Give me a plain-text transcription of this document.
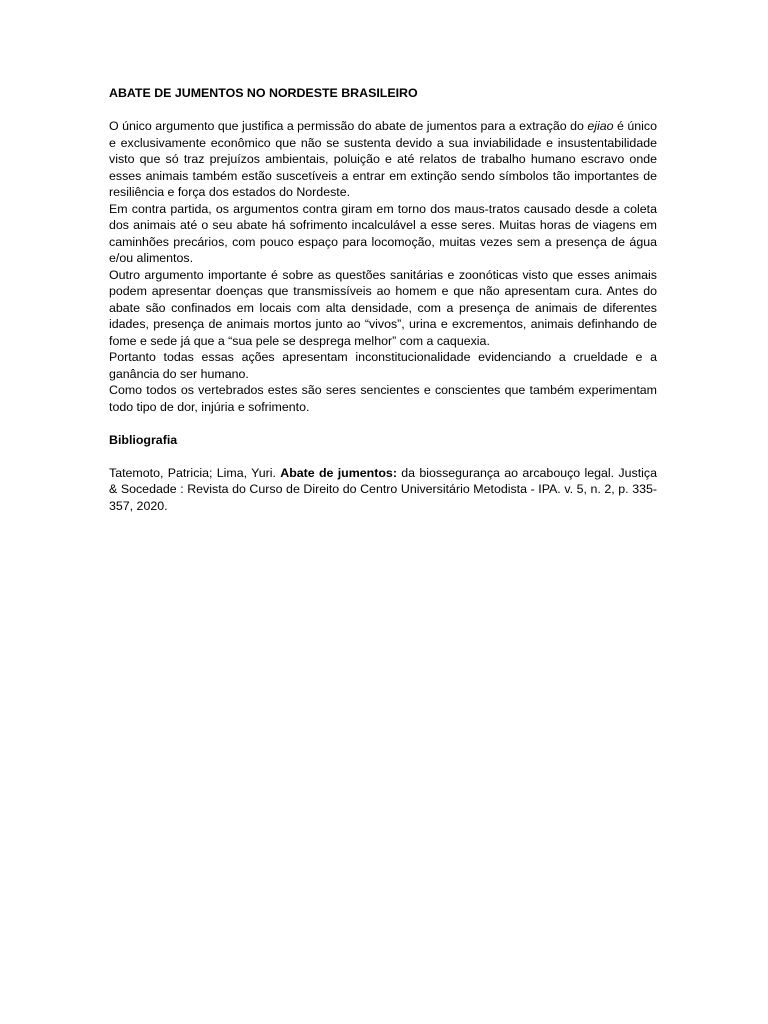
ABATE DE JUMENTOS NO NORDESTE BRASILEIRO

O único argumento que justifica a permissão do abate de jumentos para a extração do ejiao é único e exclusivamente econômico que não se sustenta devido a sua inviabilidade e insustentabilidade visto que só traz prejuízos ambientais, poluição e até relatos de trabalho humano escravo onde esses animais também estão suscetíveis a entrar em extinção sendo símbolos tão importantes de resiliência e força dos estados do Nordeste.

Em contra partida, os argumentos contra giram em torno dos maus-tratos causado desde a coleta dos animais até o seu abate há sofrimento incalculável a esse seres. Muitas horas de viagens em caminhões precários, com pouco espaço para locomoção, muitas vezes sem a presença de água e/ou alimentos.

Outro argumento importante é sobre as questões sanitárias e zoonóticas visto que esses animais podem apresentar doenças que transmissíveis ao homem e que não apresentam cura. Antes do abate são confinados em locais com alta densidade, com a presença de animais de diferentes idades, presença de animais mortos junto ao “vivos”, urina e excrementos, animais definhando de fome e sede já que a “sua pele se desprega melhor” com a caquexia.

Portanto todas essas ações apresentam inconstitucionalidade evidenciando a crueldade e a ganância do ser humano.

Como todos os vertebrados estes são seres sencientes e conscientes que também experimentam todo tipo de dor, injúria e sofrimento.

Bibliografia

Tatemoto, Patricia; Lima, Yuri. Abate de jumentos: da biossegurança ao arcabouço legal. Justiça & Socedade : Revista do Curso de Direito do Centro Universitário Metodista - IPA. v. 5, n. 2, p. 335-357, 2020.
